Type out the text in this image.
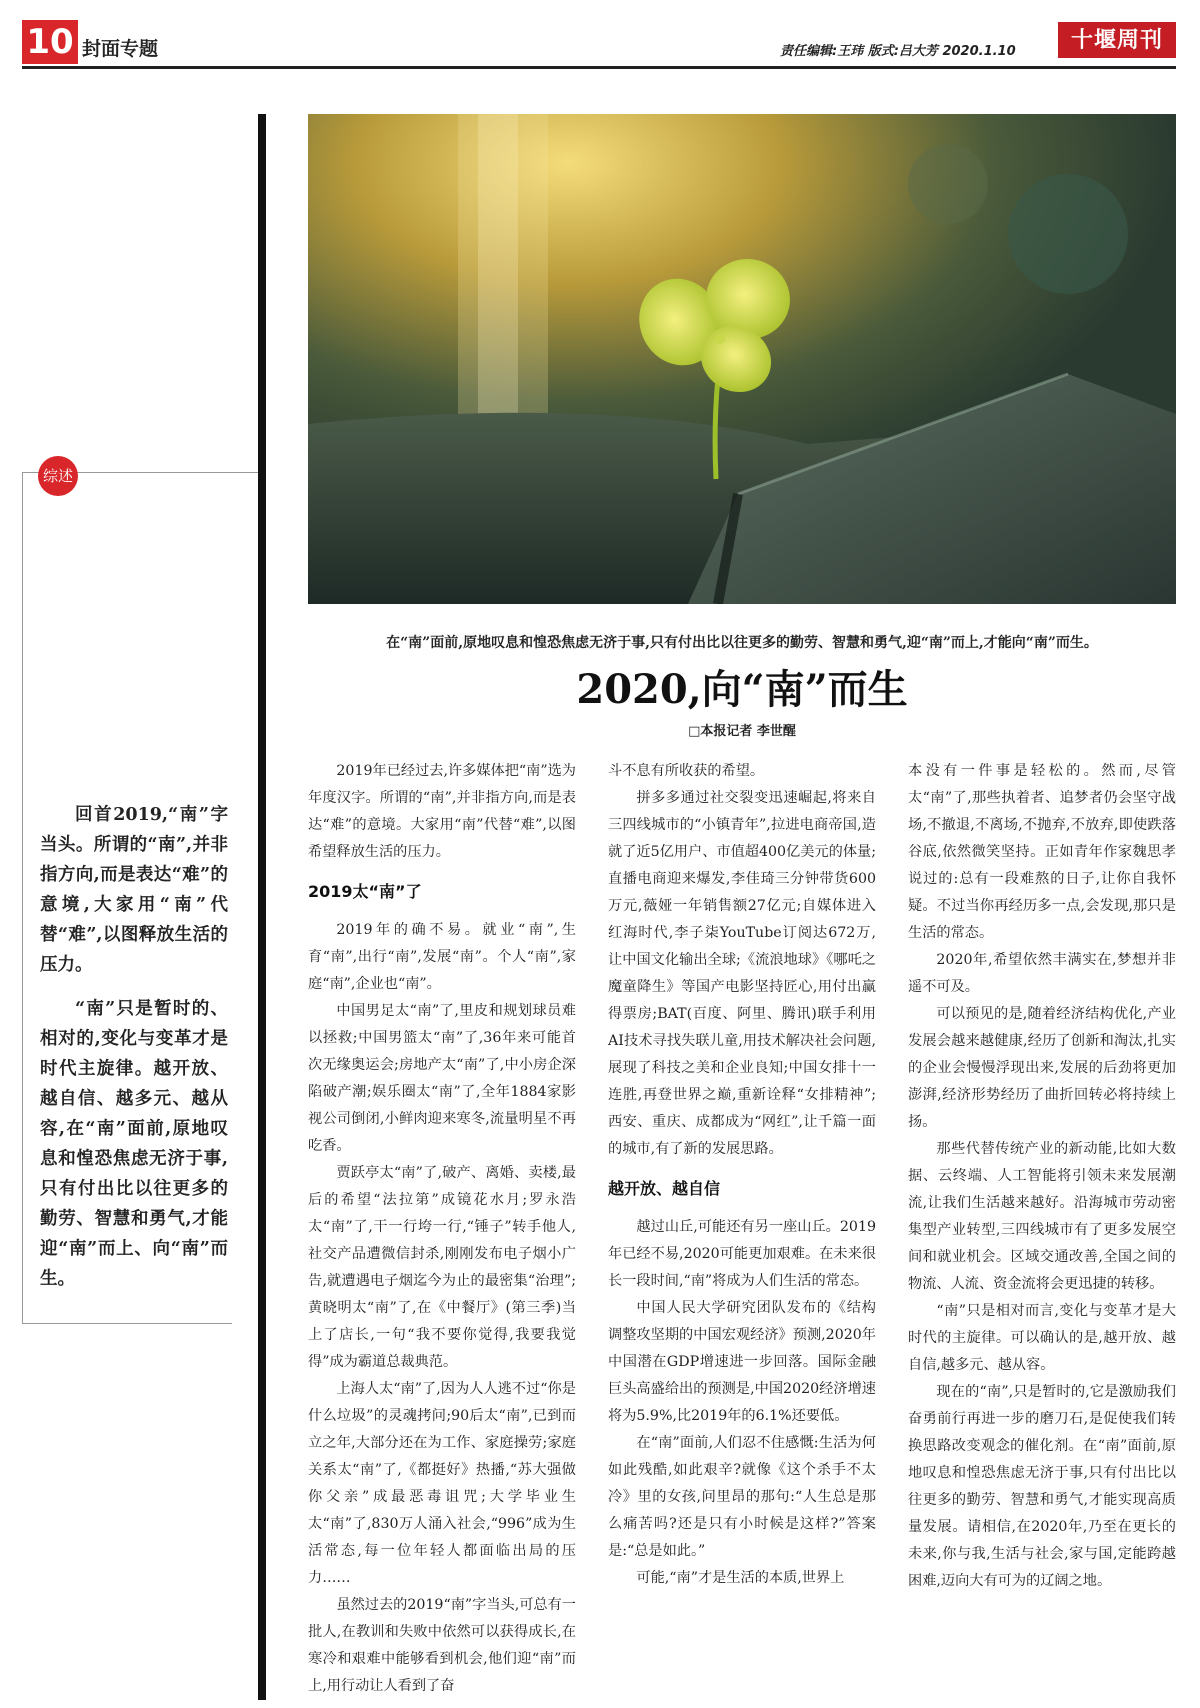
10 封面专题	责任编辑:王玮 版式:吕大芳 2020.1.10	十堰周刊
综述

回首2019,“南”字当头。所谓的“南”,并非指方向,而是表达“难”的意境,大家用“南”代替“难”,以图释放生活的压力。

“南”只是暂时的、相对的,变化与变革才是时代主旋律。越开放、越自信、越多元、越从容,在“南”面前,原地叹息和惶恐焦虑无济于事,只有付出比以往更多的勤劳、智慧和勇气,才能迎“南”而上、向“南”而生。

在“南”面前,原地叹息和惶恐焦虑无济于事,只有付出比以往更多的勤劳、智慧和勇气,迎“南”而上,才能向“南”而生。
2020,向“南”而生
□本报记者 李世醒

2019年已经过去,许多媒体把“南”选为年度汉字。所谓的“南”,并非指方向,而是表达“难”的意境。大家用“南”代替“难”,以图希望释放生活的压力。

2019太“南”了

2019年的确不易。就业“南”,生育“南”,出行“南”,发展“南”。个人“南”,家庭“南”,企业也“南”。

中国男足太“南”了,里皮和规划球员难以拯救;中国男篮太“南”了,36年来可能首次无缘奥运会;房地产太“南”了,中小房企深陷破产潮;娱乐圈太“南”了,全年1884家影视公司倒闭,小鲜肉迎来寒冬,流量明星不再吃香。

贾跃亭太“南”了,破产、离婚、卖楼,最后的希望“法拉第”成镜花水月;罗永浩太“南”了,干一行垮一行,“锤子”转手他人,社交产品遭微信封杀,刚刚发布电子烟小广告,就遭遇电子烟迄今为止的最密集“治理”;黄晓明太“南”了,在《中餐厅》(第三季)当上了店长,一句“我不要你觉得,我要我觉得”成为霸道总裁典范。

上海人太“南”了,因为人人逃不过“你是什么垃圾”的灵魂拷问;90后太“南”,已到而立之年,大部分还在为工作、家庭操劳;家庭关系太“南”了,《都挺好》热播,“苏大强做你父亲”成最恶毒诅咒;大学毕业生太“南”了,830万人涌入社会,“996”成为生活常态,每一位年轻人都面临出局的压力……

虽然过去的2019“南”字当头,可总有一批人,在教训和失败中依然可以获得成长,在寒冷和艰难中能够看到机会,他们迎“南”而上,用行动让人看到了奋

斗不息有所收获的希望。

拼多多通过社交裂变迅速崛起,将来自三四线城市的“小镇青年”,拉进电商帝国,造就了近5亿用户、市值超400亿美元的体量;直播电商迎来爆发,李佳琦三分钟带货600万元,薇娅一年销售额27亿元;自媒体进入红海时代,李子柒YouTube订阅达672万,让中国文化输出全球;《流浪地球》《哪吒之魔童降生》等国产电影坚持匠心,用付出赢得票房;BAT(百度、阿里、腾讯)联手利用AI技术寻找失联儿童,用技术解决社会问题,展现了科技之美和企业良知;中国女排十一连胜,再登世界之巅,重新诠释“女排精神”;西安、重庆、成都成为“网红”,让千篇一面的城市,有了新的发展思路。

越开放、越自信

越过山丘,可能还有另一座山丘。2019年已经不易,2020可能更加艰难。在未来很长一段时间,“南”将成为人们生活的常态。

中国人民大学研究团队发布的《结构调整攻坚期的中国宏观经济》预测,2020年中国潜在GDP增速进一步回落。国际金融巨头高盛给出的预测是,中国2020经济增速将为5.9%,比2019年的6.1%还要低。

在“南”面前,人们忍不住感慨:生活为何如此残酷,如此艰辛?就像《这个杀手不太冷》里的女孩,问里昂的那句:“人生总是那么痛苦吗?还是只有小时候是这样?”答案是:“总是如此。”

可能,“南”才是生活的本质,世界上

本没有一件事是轻松的。然而,尽管太“南”了,那些执着者、追梦者仍会坚守战场,不撤退,不离场,不抛弃,不放弃,即使跌落谷底,依然微笑坚持。正如青年作家魏思孝说过的:总有一段难熬的日子,让你自我怀疑。不过当你再经历多一点,会发现,那只是生活的常态。

2020年,希望依然丰满实在,梦想并非遥不可及。

可以预见的是,随着经济结构优化,产业发展会越来越健康,经历了创新和淘汰,扎实的企业会慢慢浮现出来,发展的后劲将更加澎湃,经济形势经历了曲折回转必将持续上扬。

那些代替传统产业的新动能,比如大数据、云终端、人工智能将引领未来发展潮流,让我们生活越来越好。沿海城市劳动密集型产业转型,三四线城市有了更多发展空间和就业机会。区域交通改善,全国之间的物流、人流、资金流将会更迅捷的转移。

“南”只是相对而言,变化与变革才是大时代的主旋律。可以确认的是,越开放、越自信,越多元、越从容。

现在的“南”,只是暂时的,它是激励我们奋勇前行再进一步的磨刀石,是促使我们转换思路改变观念的催化剂。在“南”面前,原地叹息和惶恐焦虑无济于事,只有付出比以往更多的勤劳、智慧和勇气,才能实现高质量发展。请相信,在2020年,乃至在更长的未来,你与我,生活与社会,家与国,定能跨越困难,迈向大有可为的辽阔之地。
